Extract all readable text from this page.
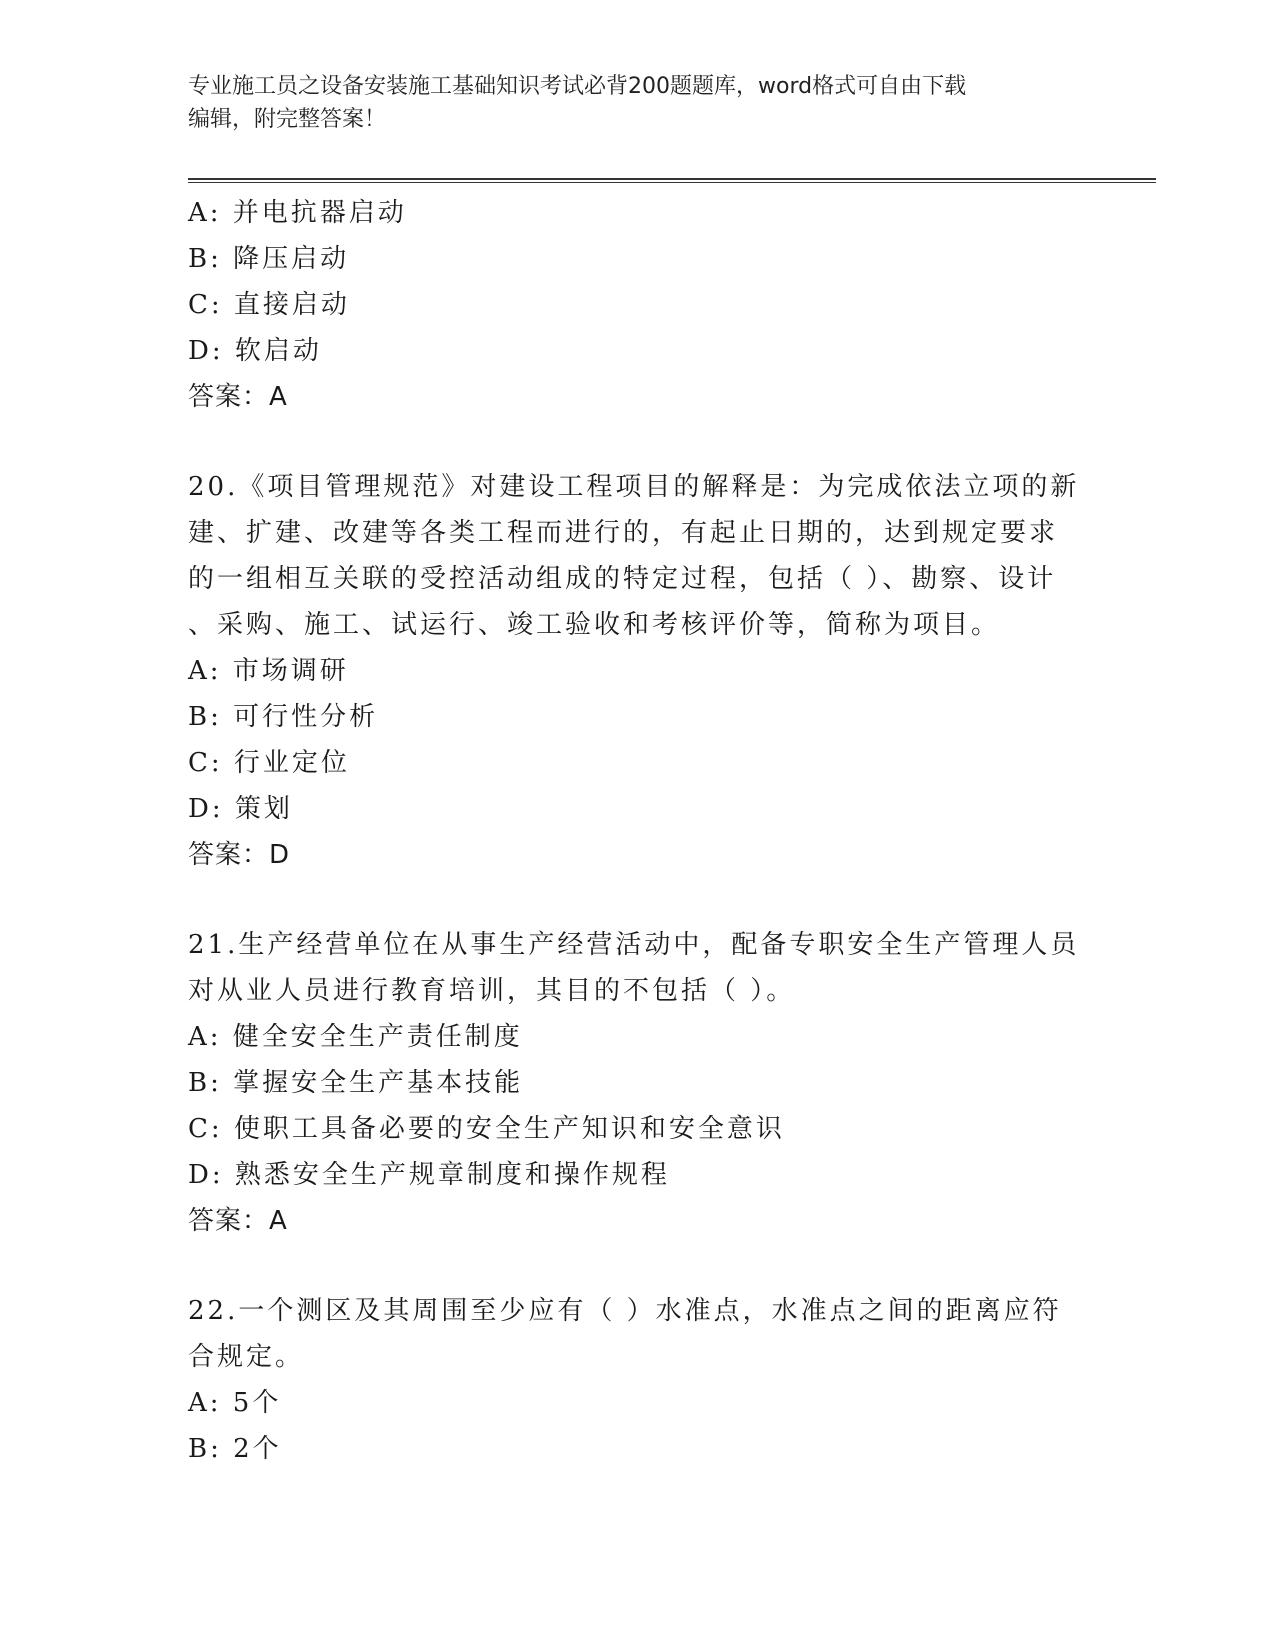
专业施工员之设备安装施工基础知识考试必背200题题库，word格式可自由下载
编辑，附完整答案！
A: 并电抗器启动
B: 降压启动
C: 直接启动
D: 软启动
答案：A
20.《项目管理规范》对建设工程项目的解释是：为完成依法立项的新
建、扩建、改建等各类工程而进行的，有起止日期的，达到规定要求
的一组相互关联的受控活动组成的特定过程，包括（ ）、勘察、设计
、采购、施工、试运行、竣工验收和考核评价等，简称为项目。
A: 市场调研
B: 可行性分析
C: 行业定位
D: 策划
答案：D
21.生产经营单位在从事生产经营活动中，配备专职安全生产管理人员
对从业人员进行教育培训，其目的不包括（ ）。
A: 健全安全生产责任制度
B: 掌握安全生产基本技能
C: 使职工具备必要的安全生产知识和安全意识
D: 熟悉安全生产规章制度和操作规程
答案：A
22.一个测区及其周围至少应有（ ）水准点，水准点之间的距离应符
合规定。
A: 5个
B: 2个
